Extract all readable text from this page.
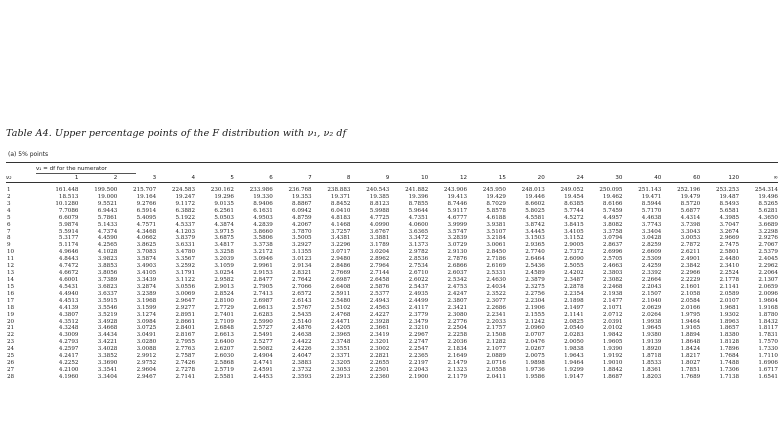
Table A4. Upper percentage points of the F distribution with ν₁, ν₂ df
(a) 5% points
ν₁ = df for the numerator
ν₂	1	2	3	4	5	6	7	8	9	10	12	15	20	24	30	40	60	120	∞

1	161.448	199.500	215.707	224.583	230.162	233.986	236.768	238.883	240.543	241.882	243.906	245.950	248.013	249.052	250.095	251.143	252.196	253.253	254.314
2	18.513	19.000	19.164	19.247	19.296	19.330	19.353	19.371	19.385	19.396	19.413	19.429	19.446	19.454	19.462	19.471	19.479	19.487	19.496
3	10.1280	9.5521	9.2766	9.1172	9.0135	8.9406	8.8867	8.8452	8.8123	8.7855	8.7446	8.7029	8.6602	8.6385	8.6166	8.5944	8.5720	8.5493	8.5265
4	7.7086	6.9443	6.5914	6.3882	6.2561	6.1631	6.0942	6.0410	5.9988	5.9644	5.9117	5.8578	5.8025	5.7744	5.7459	5.7170	5.6877	5.6581	5.6281
5	6.6079	5.7861	5.4095	5.1922	5.0503	4.9503	4.8759	4.8183	4.7725	4.7351	4.6777	4.6188	4.5581	4.5272	4.4957	4.4638	4.4314	4.3985	4.3650
6	5.9874	5.1433	4.7571	4.5337	4.3874	4.2839	4.2067	4.1468	4.0990	4.0600	3.9999	3.9381	3.8742	3.8415	3.8082	3.7743	3.7398	3.7047	3.6689
7	5.5914	4.7374	4.3468	4.1203	3.9715	3.8660	3.7870	3.7257	3.6767	3.6365	3.5747	3.5107	3.4445	3.4105	3.3758	3.3404	3.3043	3.2674	3.2298
8	5.3177	4.4590	4.0662	3.8379	3.6875	3.5806	3.5005	3.4381	3.3881	3.3472	3.2839	3.2184	3.1503	3.1152	3.0794	3.0428	3.0053	2.9669	2.9276
9	5.1174	4.2565	3.8625	3.6331	3.4817	3.3738	3.2927	3.2296	3.1789	3.1373	3.0729	3.0061	2.9365	2.9005	2.8637	2.8259	2.7872	2.7475	2.7067
10	4.9646	4.1028	3.7083	3.4780	3.3258	3.2172	3.1355	3.0717	3.0204	2.9782	2.9130	2.8450	2.7740	2.7372	2.6996	2.6609	2.6211	2.5801	2.5379
11	4.8443	3.9823	3.5874	3.3567	3.2039	3.0946	3.0123	2.9480	2.8962	2.8536	2.7876	2.7186	2.6464	2.6090	2.5705	2.5309	2.4901	2.4480	2.4045
12	4.7472	3.8853	3.4903	3.2592	3.1059	2.9961	2.9134	2.8486	2.7964	2.7534	2.6866	2.6169	2.5436	2.5055	2.4663	2.4259	2.3842	2.3410	2.2962
13	4.6672	3.8056	3.4105	3.1791	3.0254	2.9153	2.8321	2.7669	2.7144	2.6710	2.6037	2.5331	2.4589	2.4202	2.3803	2.3392	2.2966	2.2524	2.2064
14	4.6001	3.7389	3.3439	3.1122	2.9582	2.8477	2.7642	2.6987	2.6458	2.6022	2.5342	2.4630	2.3879	2.3487	2.3082	2.2664	2.2229	2.1778	2.1307
15	4.5431	3.6823	3.2874	3.0556	2.9013	2.7905	2.7066	2.6408	2.5876	2.5437	2.4753	2.4034	2.3275	2.2878	2.2468	2.2043	2.1601	2.1141	2.0659
16	4.4940	3.6337	3.2389	3.0069	2.8524	2.7413	2.6572	2.5911	2.5377	2.4935	2.4247	2.3522	2.2756	2.2354	2.1938	2.1507	2.1058	2.0589	2.0096
17	4.4513	3.5915	3.1968	2.9647	2.8100	2.6987	2.6143	2.5480	2.4943	2.4499	2.3807	2.3077	2.2304	2.1898	2.1477	2.1040	2.0584	2.0107	1.9604
18	4.4139	3.5546	3.1599	2.9277	2.7729	2.6613	2.5767	2.5102	2.4563	2.4117	2.3421	2.2686	2.1906	2.1497	2.1071	2.0629	2.0166	1.9681	1.9168
19	4.3807	3.5219	3.1274	2.8951	2.7401	2.6283	2.5435	2.4768	2.4227	2.3779	2.3080	2.2341	2.1555	2.1141	2.0712	2.0264	1.9795	1.9302	1.8780
20	4.3512	3.4928	3.0984	2.8661	2.7109	2.5990	2.5140	2.4471	2.3928	2.3479	2.2776	2.2033	2.1242	2.0825	2.0391	1.9938	1.9464	1.8963	1.8432
21	4.3248	3.4668	3.0725	2.8401	2.6848	2.5727	2.4876	2.4205	2.3661	2.3210	2.2504	2.1757	2.0960	2.0540	2.0102	1.9645	1.9165	1.8657	1.8117
22	4.3009	3.4434	3.0491	2.8167	2.6613	2.5491	2.4638	2.3965	2.3419	2.2967	2.2258	2.1508	2.0707	2.0283	1.9842	1.9380	1.8894	1.8380	1.7831
23	4.2793	3.4221	3.0280	2.7955	2.6400	2.5277	2.4422	2.3748	2.3201	2.2747	2.2036	2.1282	2.0476	2.0050	1.9605	1.9139	1.8648	1.8128	1.7570
24	4.2597	3.4028	3.0088	2.7763	2.6207	2.5082	2.4226	2.3551	2.3002	2.2547	2.1834	2.1077	2.0267	1.9838	1.9390	1.8920	1.8424	1.7896	1.7330
25	4.2417	3.3852	2.9912	2.7587	2.6030	2.4904	2.4047	2.3371	2.2821	2.2365	2.1649	2.0889	2.0075	1.9643	1.9192	1.8718	1.8217	1.7684	1.7110
26	4.2252	3.3690	2.9752	2.7426	2.5868	2.4741	2.3883	2.3205	2.2655	2.2197	2.1479	2.0716	1.9898	1.9464	1.9010	1.8533	1.8027	1.7488	1.6906
27	4.2100	3.3541	2.9604	2.7278	2.5719	2.4591	2.3732	2.3053	2.2501	2.2043	2.1323	2.0558	1.9736	1.9299	1.8842	1.8361	1.7851	1.7306	1.6717
28	4.1960	3.3404	2.9467	2.7141	2.5581	2.4453	2.3593	2.2913	2.2360	2.1900	2.1179	2.0411	1.9586	1.9147	1.8687	1.8203	1.7689	1.7138	1.6541
